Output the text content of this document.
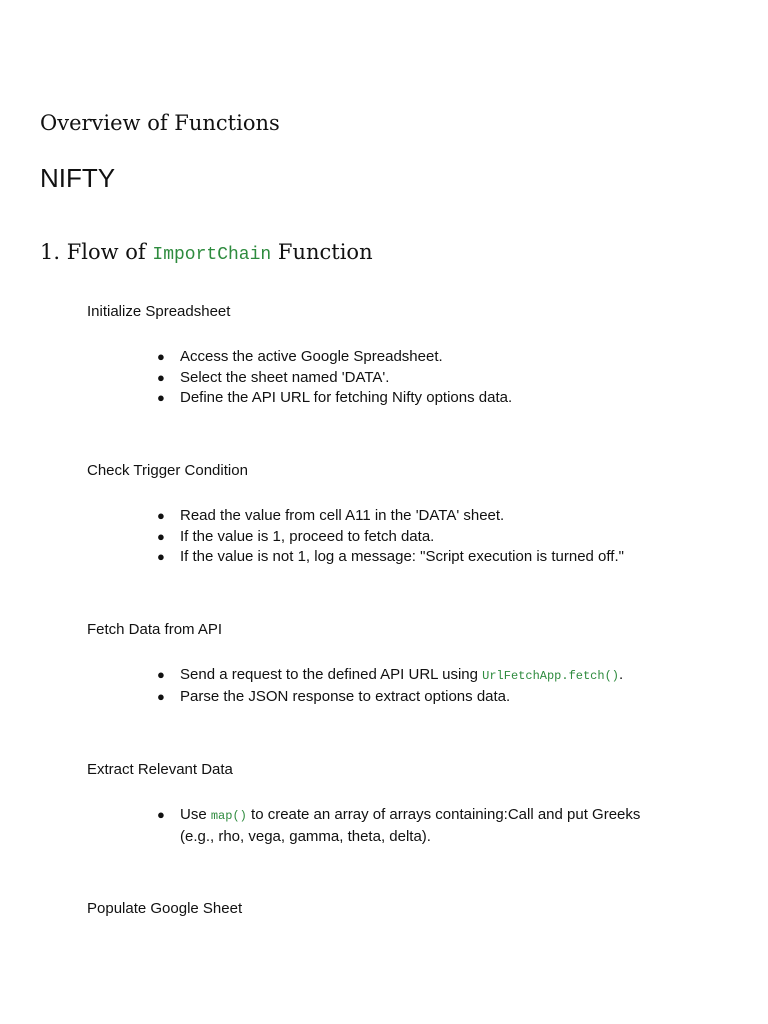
Overview of Functions
NIFTY
1. Flow of ImportChain Function

Initialize Spreadsheet

● Access the active Google Spreadsheet.
● Select the sheet named 'DATA'.
● Define the API URL for fetching Nifty options data.

Check Trigger Condition

● Read the value from cell A11 in the 'DATA' sheet.
● If the value is 1, proceed to fetch data.
● If the value is not 1, log a message: "Script execution is turned off."

Fetch Data from API

● Send a request to the defined API URL using UrlFetchApp.fetch().
● Parse the JSON response to extract options data.

Extract Relevant Data

● Use map() to create an array of arrays containing:Call and put Greeks (e.g., rho, vega, gamma, theta, delta).

Populate Google Sheet
